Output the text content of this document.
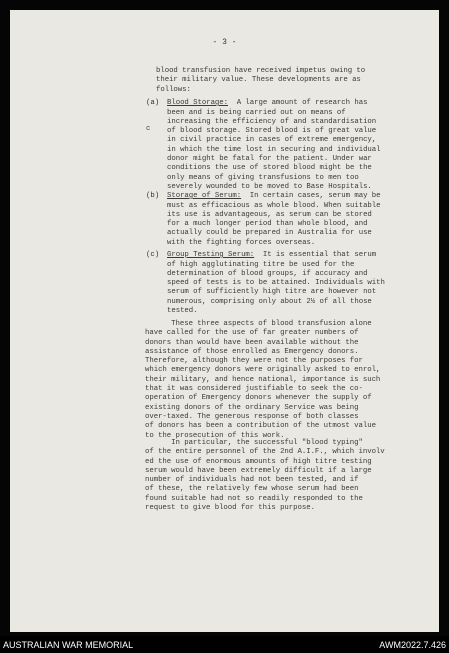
- 3 -
blood transfusion have received impetus owing to
their military value. These developments are as
follows:
(a) Blood Storage:  A large amount of research has
been and is being carried out on means of
increasing the efficiency of and standardisation
of blood storage. Stored blood is of great value
in civil practice in cases of extreme emergency,
in which the time lost in securing and individual
donor might be fatal for the patient. Under war
conditions the use of stored blood might be the
only means of giving transfusions to men too
severely wounded to be moved to Base Hospitals.
c
(b) Storage of Serum:  In certain cases, serum may be
must as efficacious as whole blood. When suitable
its use is advantageous, as serum can be stored
for a much longer period than whole blood, and
actually could be prepared in Australia for use
with the fighting forces overseas.
(c) Group Testing Serum:  It is essential that serum
of high agglutinating titre be used for the
determination of blood groups, if accuracy and
speed of tests is to be attained. Individuals with
serum of sufficiently high titre are however not
numerous, comprising only about 2½ of all those
tested.
These three aspects of blood transfusion alone
have called for the use of far greater numbers of
donors than would have been available without the
assistance of those enrolled as Emergency donors.
Therefore, although they were not the purposes for
which emergency donors were originally asked to enrol,
their military, and hence national, importance is such
that it was considered justifiable to seek the co-
operation of Emergency donors whenever the supply of
existing donors of the ordinary Service was being
over-taxed. The generous response of both classes
of donors has been a contribution of the utmost value
to the prosecution of this work.
In particular, the successful "blood typing"
of the entire personnel of the 2nd A.I.F., which involv
ed the use of enormous amounts of high titre testing
serum would have been extremely difficult if a large
number of individuals had not been tested, and if
of these, the relatively few whose serum had been
found suitable had not so readily responded to the
request to give blood for this purpose.
AUSTRALIAN WAR MEMORIAL	AWM2022.7.426
